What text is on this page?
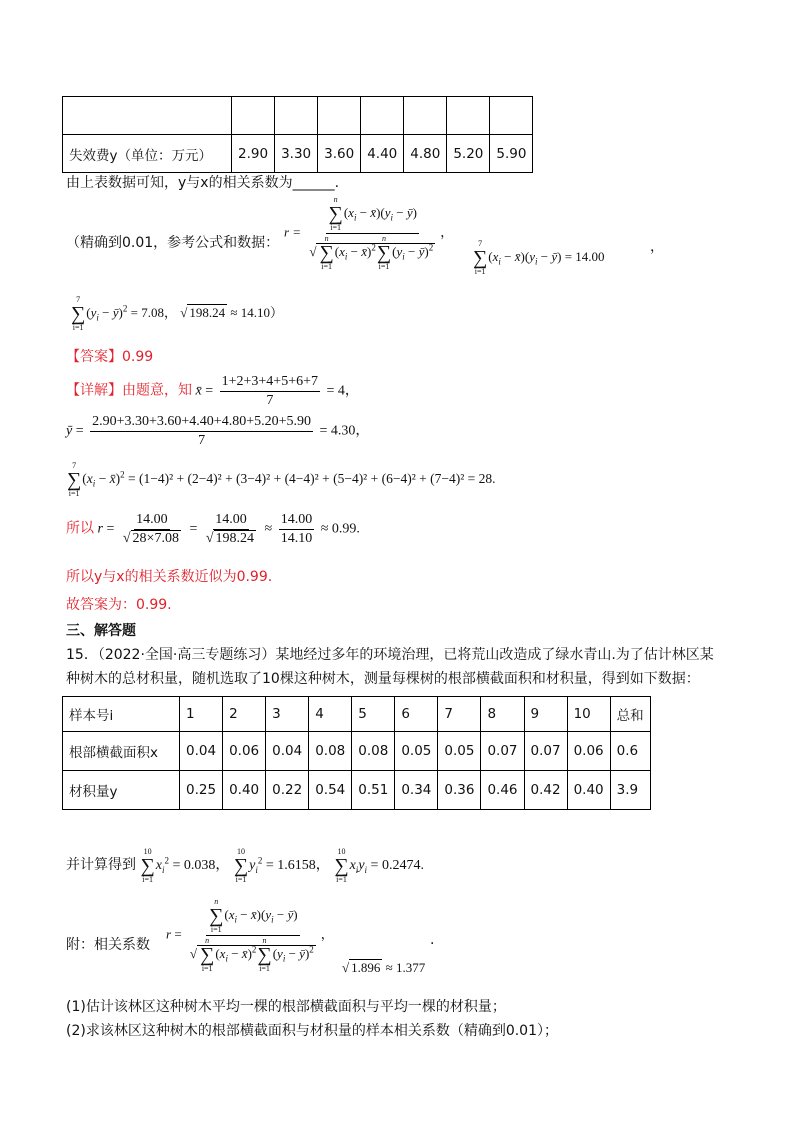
失效费y（单位：万元）	2.90	3.30	3.60	4.40	4.80	5.20	5.90
由上表数据可知，y与x的相关系数为______.
（精确到0.01，参考公式和数据：
r = n
∑
i=1
($x_i$ − $x̄)(y_i$ − ȳ)
√
n
∑
i=1
($x_i$ − x̄)$^2$
n
∑
i=1
($y_i$ − ȳ)$^2$ ，
7
∑
i=1
($x_i$ − $x̄)(y_i$ − ȳ) = 14.00
，
7
∑
i=1
($y_i$ − ȳ)$^2$ = 7.08， √ 198.24 ≈ 14.10）
【答案】0.99
【详解】由题意，知 x̄ = $\frac{1+2+3+4+5+6+7}{7} = 4$，
ȳ = $\frac{2.90+3.30+3.60+4.40+4.80+5.20+5.90}{7} = 4.30$，
7
∑
i=1
($x_i$ − x̄)$^2$ = (1−4)² + (2−4)² + (3−4)² + (4−4)² + (5−4)² + (6−4)² + (7−4)² = 28.
所以 $r = \frac{14.00}{√ 28\times 7.08} = \frac{14.00}{√ 198.24} \approx \frac{14.00}{14.10} \approx 0.99$.
所以y与x的相关系数近似为0.99.
故答案为：0.99.
三、解答题
15．（2022·全国·高三专题练习）某地经过多年的环境治理，已将荒山改造成了绿水青山.为了估计林区某
种树木的总材积量，随机选取了10棵这种树木，测量每棵树的根部横截面积和材积量，得到如下数据：
样本号i	1	2	3	4	5	6	7	8	9	10	总和
根部横截面积x	0.04	0.06	0.04	0.08	0.08	0.05	0.05	0.07	0.07	0.06	0.6
材积量y	0.25	0.40	0.22	0.54	0.51	0.34	0.36	0.46	0.42	0.40	3.9
并计算得到
10
∑
i=1
$x_i^2 = 0.038$，
10
∑
i=1
$y_i^2 = 1.6158$，
10
∑
i=1
$x_iy_i = 0.2474$.
附：相关系数
r = n
∑
i=1
($x_i$ − $x̄)(y_i$ − ȳ)
√
n
∑
i=1
($x_i$ − x̄)$^2$
n
∑
i=1
($y_i$ − ȳ)$^2$ ，
√ 1.896 ≈ 1.377
.
(1)估计该林区这种树木平均一棵的根部横截面积与平均一棵的材积量；
(2)求该林区这种树木的根部横截面积与材积量的样本相关系数（精确到0.01）；
